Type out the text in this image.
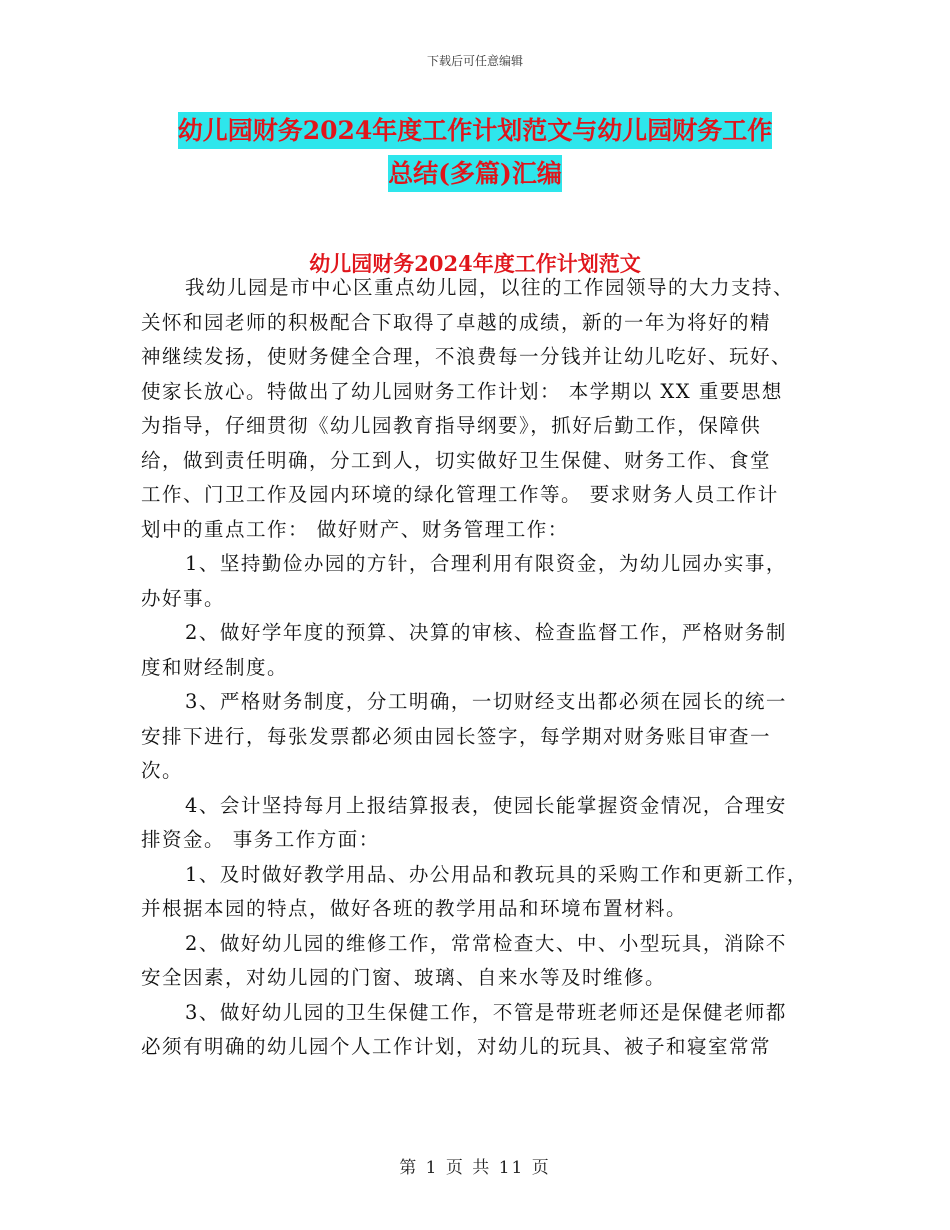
下载后可任意编辑
幼儿园财务2024年度工作计划范文与幼儿园财务工作
总结(多篇)汇编
幼儿园财务2024年度工作计划范文
我幼儿园是市中心区重点幼儿园，以往的工作园领导的大力支持、
关怀和园老师的积极配合下取得了卓越的成绩，新的一年为将好的精
神继续发扬，使财务健全合理，不浪费每一分钱并让幼儿吃好、玩好、
使家长放心。特做出了幼儿园财务工作计划： 本学期以 XX 重要思想
为指导，仔细贯彻《幼儿园教育指导纲要》，抓好后勤工作，保障供
给，做到责任明确，分工到人，切实做好卫生保健、财务工作、食堂
工作、门卫工作及园内环境的绿化管理工作等。 要求财务人员工作计
划中的重点工作： 做好财产、财务管理工作：
1、坚持勤俭办园的方针，合理利用有限资金，为幼儿园办实事，
办好事。
2、做好学年度的预算、决算的审核、检查监督工作，严格财务制
度和财经制度。
3、严格财务制度，分工明确，一切财经支出都必须在园长的统一
安排下进行，每张发票都必须由园长签字，每学期对财务账目审查一
次。
4、会计坚持每月上报结算报表，使园长能掌握资金情况，合理安
排资金。 事务工作方面：
1、及时做好教学用品、办公用品和教玩具的采购工作和更新工作，
并根据本园的特点，做好各班的教学用品和环境布置材料。
2、做好幼儿园的维修工作，常常检查大、中、小型玩具，消除不
安全因素，对幼儿园的门窗、玻璃、自来水等及时维修。
3、做好幼儿园的卫生保健工作，不管是带班老师还是保健老师都
必须有明确的幼儿园个人工作计划，对幼儿的玩具、被子和寝室常常
第 1 页 共 11 页
